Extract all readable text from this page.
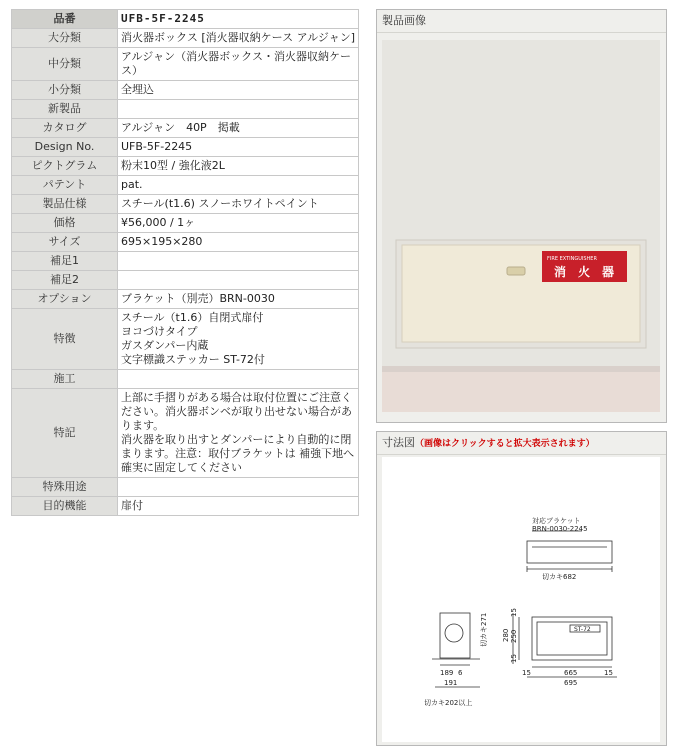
品番	UFB-5F-2245
大分類	消火器ボックス [消火器収納ケース アルジャン]
中分類	アルジャン（消火器ボックス・消火器収納ケース）
小分類	全埋込
新製品	
カタログ	アルジャン　40P　掲載
Design No.	UFB-5F-2245
ピクトグラム	粉末10型 / 強化液2L
パテント	pat.
製品仕様	スチール(t1.6) スノーホワイトペイント
価格	¥56,000 / 1ヶ
サイズ	695×195×280
補足1	
補足2	
オプション	ブラケット（別売）BRN-0030
特徴	スチール（t1.6）自閉式扉付
ヨコづけタイプ
ガスダンパー内蔵
文字標識ステッカー ST-72付
施工	
特記	上部に手摺りがある場合は取付位置にご注意ください。消火器ボンベが取り出せない場合があります。
消火器を取り出すとダンパーにより自動的に閉まります。注意：取付ブラケットは 補強下地へ確実に固定してください
特殊用途	
目的機能	扉付
製品画像
FIRE EXTINGUISHER
消　火　器
寸法図（画像はクリックすると拡大表示されます）
対応ブラケット
BRN-0030-2245
切カキ682
切カキ271
切カキ202以上
ST-72
280 250
15
15
665
695
15	15
189 6
191
